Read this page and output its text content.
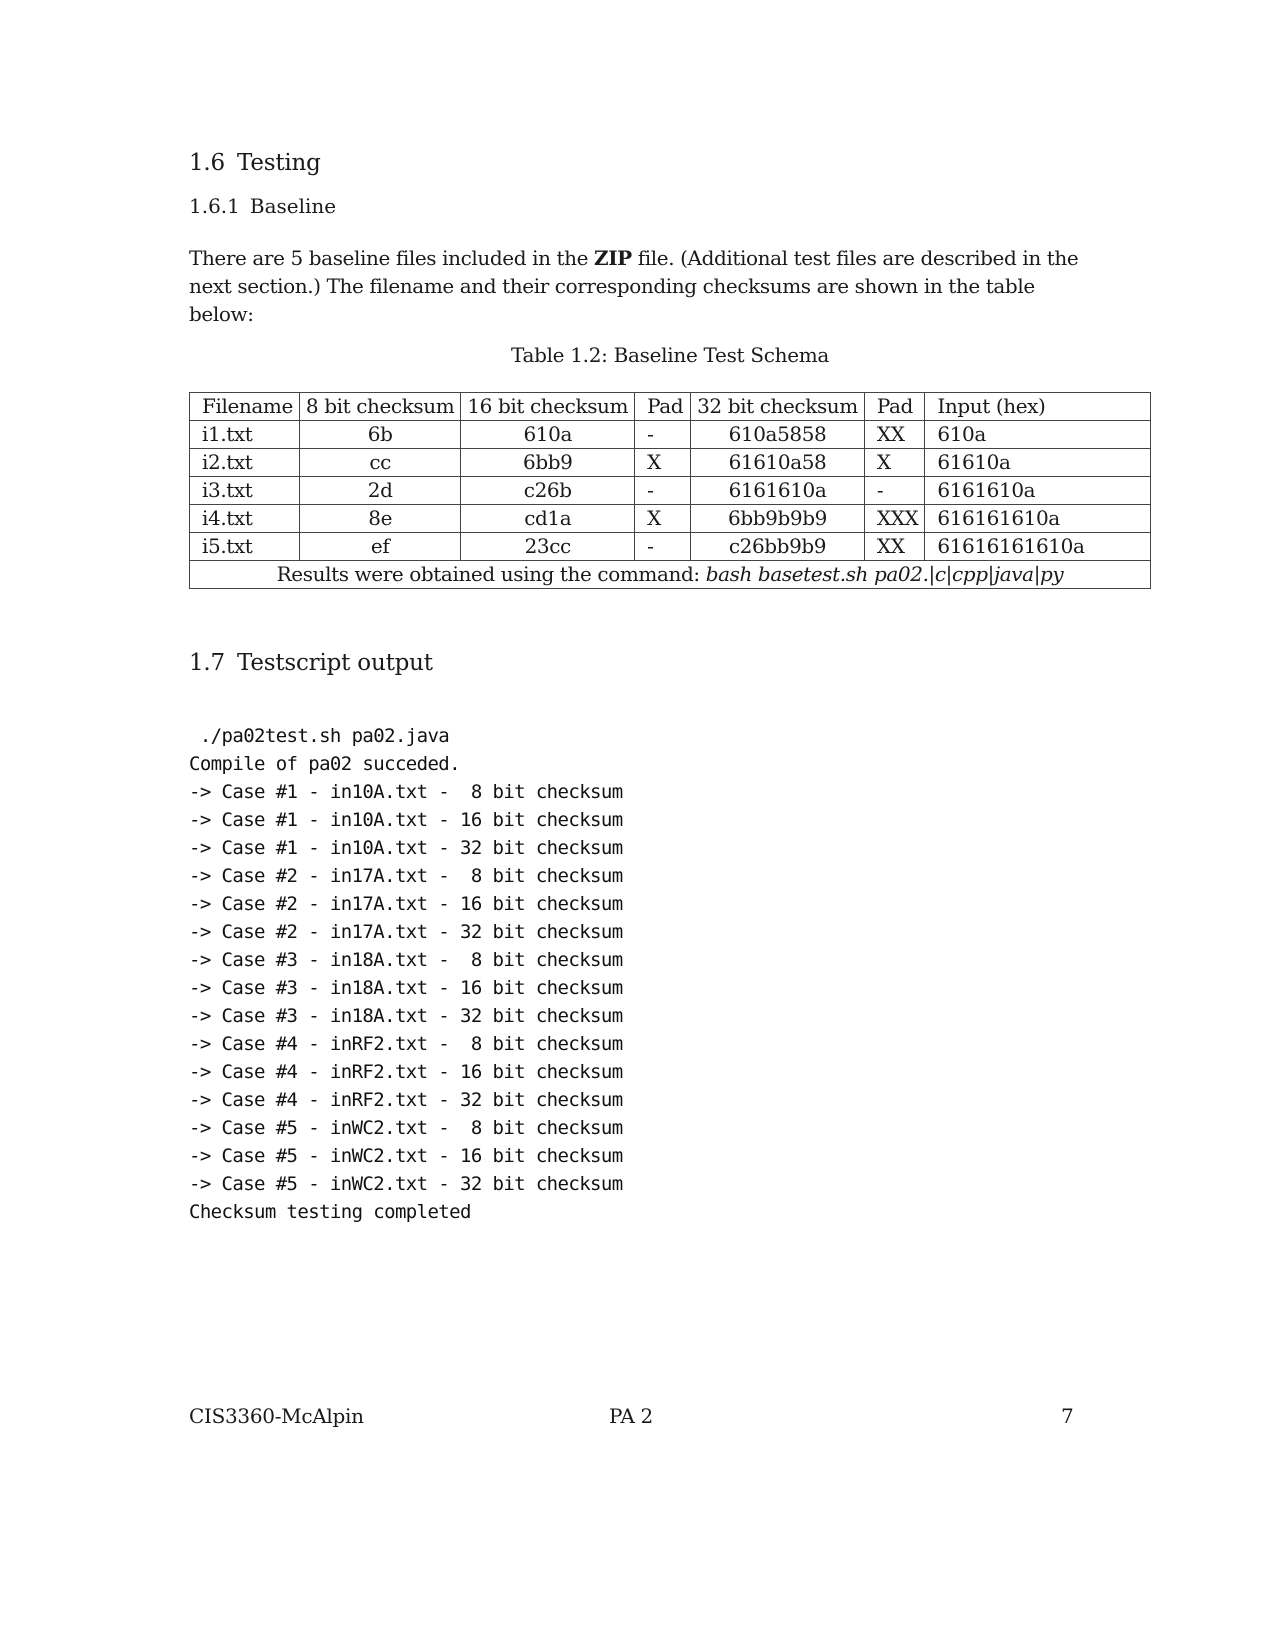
1.6 Testing
1.6.1 Baseline
There are 5 baseline files included in the ZIP file. (Additional test files are described in the next section.) The filename and their corresponding checksums are shown in the table below:
Table 1.2: Baseline Test Schema
Filename	8 bit checksum	16 bit checksum	Pad	32 bit checksum	Pad	Input (hex)
i1.txt	6b	610a	-	610a5858	XX	610a
i2.txt	cc	6bb9	X	61610a58	X	61610a
i3.txt	2d	c26b	-	6161610a	-	6161610a
i4.txt	8e	cd1a	X	6bb9b9b9	XXX	616161610a
i5.txt	ef	23cc	-	c26bb9b9	XX	61616161610a
Results were obtained using the command: bash basetest.sh pa02.|c|cpp|java|py						
1.7 Testscript output
./pa02test.sh pa02.java
Compile of pa02 succeded.
-> Case #1 - in10A.txt -  8 bit checksum
-> Case #1 - in10A.txt - 16 bit checksum
-> Case #1 - in10A.txt - 32 bit checksum
-> Case #2 - in17A.txt -  8 bit checksum
-> Case #2 - in17A.txt - 16 bit checksum
-> Case #2 - in17A.txt - 32 bit checksum
-> Case #3 - in18A.txt -  8 bit checksum
-> Case #3 - in18A.txt - 16 bit checksum
-> Case #3 - in18A.txt - 32 bit checksum
-> Case #4 - inRF2.txt -  8 bit checksum
-> Case #4 - inRF2.txt - 16 bit checksum
-> Case #4 - inRF2.txt - 32 bit checksum
-> Case #5 - inWC2.txt -  8 bit checksum
-> Case #5 - inWC2.txt - 16 bit checksum
-> Case #5 - inWC2.txt - 32 bit checksum
Checksum testing completed
CIS3360-McAlpin	PA 2	7
